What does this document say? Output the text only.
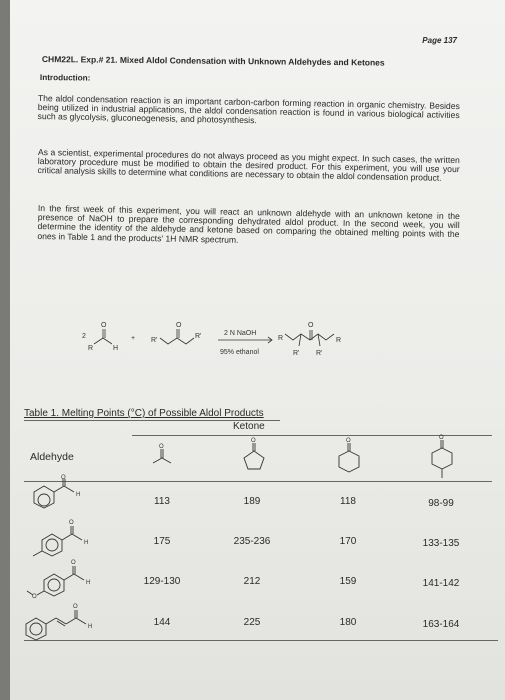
Page 137
CHM22L. Exp.# 21. Mixed Aldol Condensation with Unknown Aldehydes and Ketones
Introduction:
The aldol condensation reaction is an important carbon-carbon forming reaction in organic chemistry. Besides being utilized in industrial applications, the aldol condensation reaction is found in various biological activities such as glycolysis, gluconeogenesis, and photosynthesis.
As a scientist, experimental procedures do not always proceed as you might expect. In such cases, the written laboratory procedure must be modified to obtain the desired product. For this experiment, you will use your critical analysis skills to determine what conditions are necessary to obtain the aldol condensation product.
In the first week of this experiment, you will react an unknown aldehyde with an unknown ketone in the presence of NaOH to prepare the corresponding dehydrated aldol product. In the second week, you will determine the identity of the aldehyde and ketone based on comparing the obtained melting points with the ones in Table 1 and the products' 1H NMR spectrum.
2
O
R	H
+ R'
O
R'	2 N NaOH
95% ethanol
O
R	R
R' R'
Table 1. Melting Points (°C) of Possible Aldol Products
Ketone
Aldehyde
O
O	O	O
O
H
O
H
O
H
O
O
H
113	189	118	98-99
175	235-236	170	133-135
129-130	212	159	141-142
144	225	180	163-164
